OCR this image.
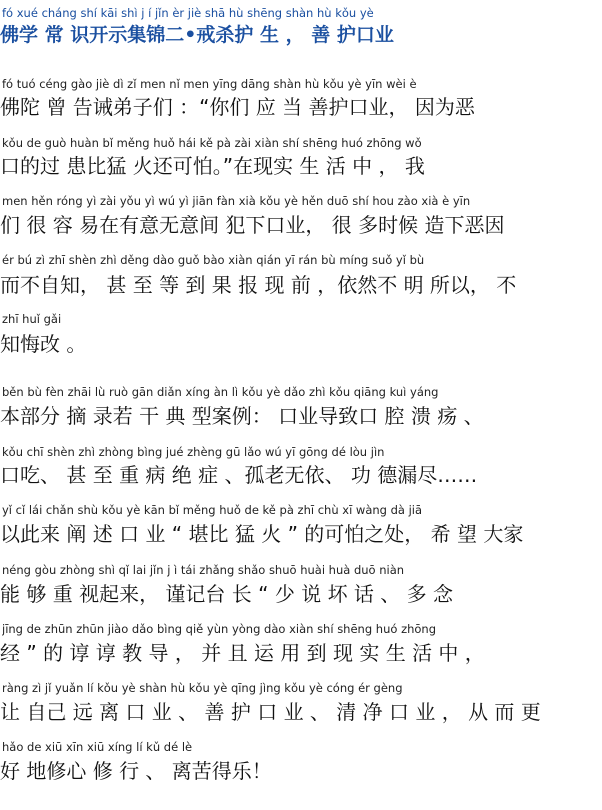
fó xué cháng shí kāi shì j í jǐn èr jiè shā hù shēng shàn hù kǒu yè
佛学 常 识开示集锦二•戒杀护 生 ， 善 护口业
fó tuó céng gào jiè dì zǐ men nǐ men yīng dāng shàn hù kǒu yè yīn wèi è
佛陀 曾 告诫弟子们 ：“你们 应 当 善护口业， 因为恶
kǒu de guò huàn bǐ měng huǒ hái kě pà zài xiàn shí shēng huó zhōng wǒ
口的过 患比猛 火还可怕。”在现实 生 活 中 ， 我
men hěn róng yì zài yǒu yì wú yì jiān fàn xià kǒu yè hěn duō shí hou zào xià è yīn
们 很 容 易在有意无意间 犯下口业， 很 多时候 造下恶因
ér bú zì zhī shèn zhì děng dào guǒ bào xiàn qián yī rán bù míng suǒ yǐ bù
而不自知， 甚 至 等 到 果 报 现 前 ，依然不 明 所以， 不
zhī huǐ gǎi
知悔改 。
běn bù fèn zhāi lù ruò gān diǎn xíng àn lì kǒu yè dǎo zhì kǒu qiāng kuì yáng
本部分 摘 录若 干 典 型案例： 口业导致口 腔 溃 疡 、
kǒu chī shèn zhì zhòng bìng jué zhèng gū lǎo wú yī gōng dé lòu jìn
口吃、 甚 至 重 病 绝 症 、孤老无依、 功 德漏尽……
yǐ cǐ lái chǎn shù kǒu yè kān bǐ měng huǒ de kě pà zhī chù xī wàng dà jiā
以此来 阐 述 口 业 “ 堪比 猛 火 ” 的可怕之处， 希 望 大家
néng gòu zhòng shì qǐ lai jǐn j ì tái zhǎng shǎo shuō huài huà duō niàn
能 够 重 视起来， 谨记台 长 “ 少 说 坏 话 、 多 念
jīng de zhūn zhūn jiào dǎo bìng qiě yùn yòng dào xiàn shí shēng huó zhōng
经 ” 的 谆 谆 教 导 ， 并 且 运 用 到 现 实 生 活 中 ，
ràng zì jǐ yuǎn lí kǒu yè shàn hù kǒu yè qīng jìng kǒu yè cóng ér gèng
让 自己 远 离 口 业 、 善 护 口 业 、 清 净 口 业 ， 从 而 更
hǎo de xiū xīn xiū xíng lí kǔ dé lè
好 地修心 修 行 、 离苦得乐！
